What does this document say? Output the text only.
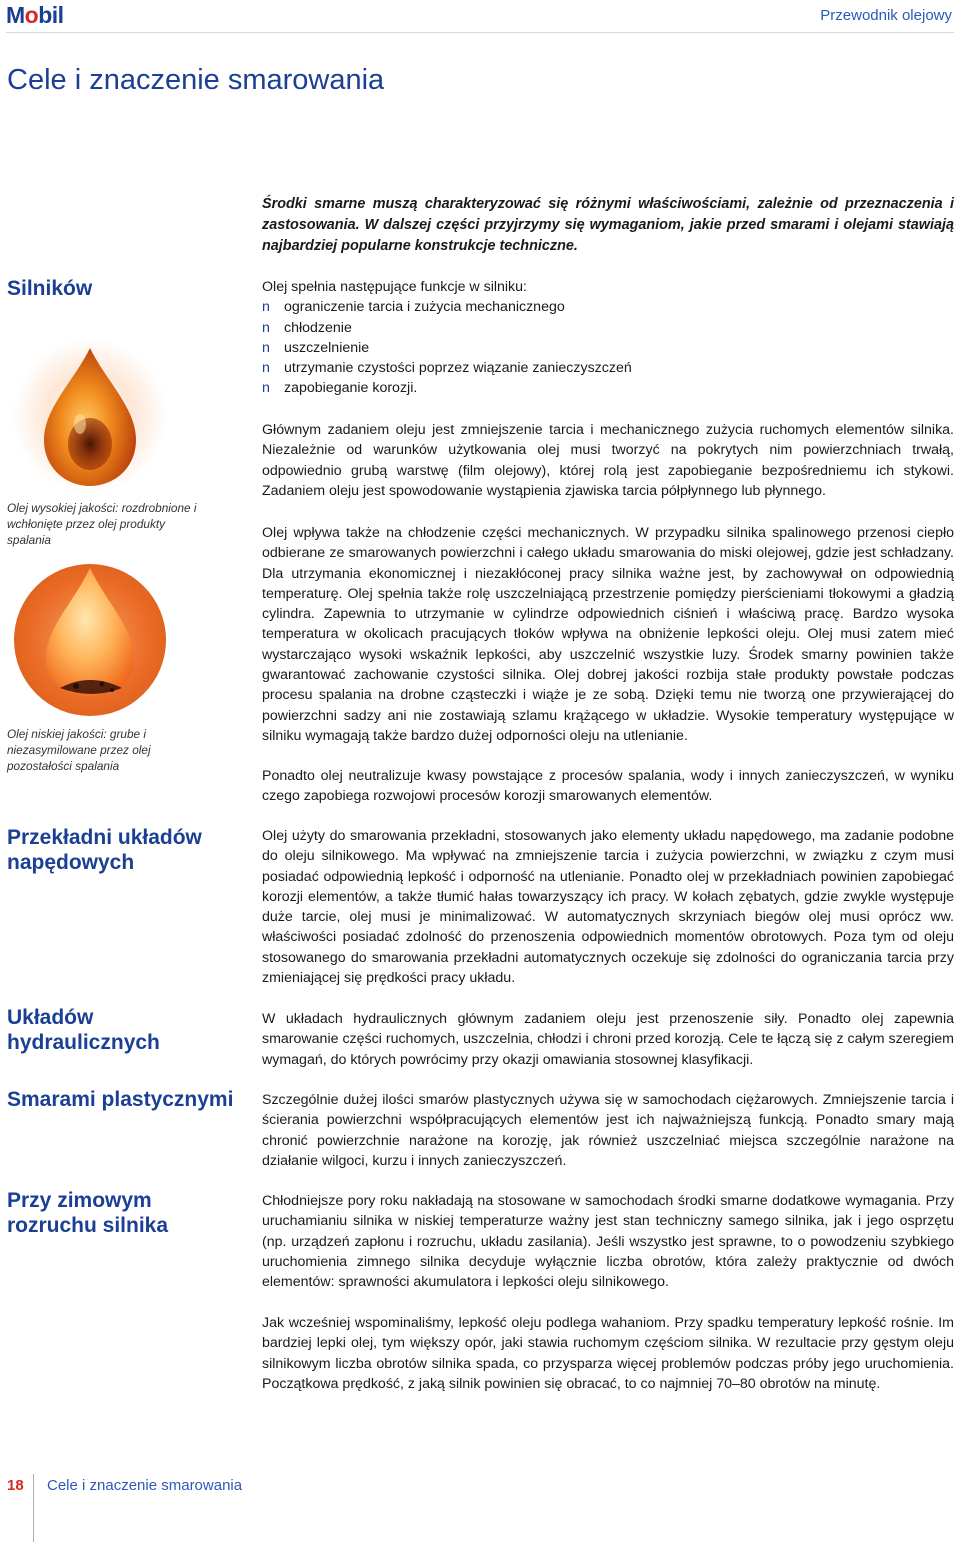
Mobil	Przewodnik olejowy
Cele i znaczenie smarowania

Środki smarne muszą charakteryzować się różnymi właściwościami, zależnie od przeznaczenia i zastosowania. W dalszej części przyjrzymy się wymaganiom, jakie przed smarami i olejami stawiają najbardziej popularne konstrukcje techniczne.

Silników
Przekładni układów napędowych
Układów hydraulicznych
Smarami plastycznymi
Przy zimowym rozruchu silnika
Olej wysokiej jakości: rozdrobnione i wchłonięte przez olej produkty spalania
Olej niskiej jakości: grube i niezasymilowane przez olej pozostałości spalania

Olej spełnia następujące funkcje w silniku:

n ograniczenie tarcia i zużycia mechanicznego
n chłodzenie
n uszczelnienie
n utrzymanie czystości poprzez wiązanie zanieczyszczeń
n zapobieganie korozji.

Głównym zadaniem oleju jest zmniejszenie tarcia i mechanicznego zużycia ruchomych elementów silnika. Niezależnie od warunków użytkowania olej musi tworzyć na pokrytych nim powierzchniach trwałą, odpowiednio grubą warstwę (film olejowy), której rolą jest zapobieganie bezpośredniemu ich stykowi. Zadaniem oleju jest spowodowanie wystąpienia zjawiska tarcia półpłynnego lub płynnego.

Olej wpływa także na chłodzenie części mechanicznych. W przypadku silnika spalinowego przenosi ciepło odbierane ze smarowanych powierzchni i całego układu smarowania do miski olejowej, gdzie jest schładzany. Dla utrzymania ekonomicznej i niezakłóconej pracy silnika ważne jest, by zachowywał on odpowiednią temperaturę. Olej spełnia także rolę uszczelniającą przestrzenie pomiędzy pierścieniami tłokowymi a gładzią cylindra. Zapewnia to utrzymanie w cylindrze odpowiednich ciśnień i właściwą pracę. Bardzo wysoka temperatura w okolicach pracujących tłoków wpływa na obniżenie lepkości oleju. Olej musi zatem mieć wystarczająco wysoki wskaźnik lepkości, aby uszczelnić wszystkie luzy. Środek smarny powinien także gwarantować zachowanie czystości silnika. Olej dobrej jakości rozbija stałe produkty powstałe podczas procesu spalania na drobne cząsteczki i wiąże je ze sobą. Dzięki temu nie tworzą one przywierającej do powierzchni sadzy ani nie zostawiają szlamu krążącego w układzie. Wysokie temperatury występujące w silniku wymagają także bardzo dużej odporności oleju na utlenianie.

Ponadto olej neutralizuje kwasy powstające z procesów spalania, wody i innych zanieczyszczeń, w wyniku czego zapobiega rozwojowi procesów korozji smarowanych elementów.

Olej użyty do smarowania przekładni, stosowanych jako elementy układu napędowego, ma zadanie podobne do oleju silnikowego. Ma wpływać na zmniejszenie tarcia i zużycia powierzchni, w związku z czym musi posiadać odpowiednią lepkość i odporność na utlenianie. Ponadto olej w przekładniach powinien zapobiegać korozji elementów, a także tłumić hałas towarzyszący ich pracy. W kołach zębatych, gdzie zwykle występuje duże tarcie, olej musi je minimalizować. W automatycznych skrzyniach biegów olej musi oprócz ww. właściwości posiadać zdolność do przenoszenia odpowiednich momentów obrotowych. Poza tym od oleju stosowanego do smarowania przekładni automatycznych oczekuje się zdolności do ograniczania tarcia przy zmieniającej się prędkości pracy układu.

W układach hydraulicznych głównym zadaniem oleju jest przenoszenie siły. Ponadto olej zapewnia smarowanie części ruchomych, uszczelnia, chłodzi i chroni przed korozją. Cele te łączą się z całym szeregiem wymagań, do których powrócimy przy okazji omawiania stosownej klasyfikacji.

Szczególnie dużej ilości smarów plastycznych używa się w samochodach ciężarowych. Zmniejszenie tarcia i ścierania powierzchni współpracujących elementów jest ich najważniejszą funkcją. Ponadto smary mają chronić powierzchnie narażone na korozję, jak również uszczelniać miejsca szczególnie narażone na działanie wilgoci, kurzu i innych zanieczyszczeń.

Chłodniejsze pory roku nakładają na stosowane w samochodach środki smarne dodatkowe wymagania. Przy uruchamianiu silnika w niskiej temperaturze ważny jest stan techniczny samego silnika, jak i jego osprzętu (np. urządzeń zapłonu i rozruchu, układu zasilania). Jeśli wszystko jest sprawne, to o powodzeniu szybkiego uruchomienia zimnego silnika decyduje wyłącznie liczba obrotów, która zależy praktycznie od dwóch elementów: sprawności akumulatora i lepkości oleju silnikowego.

Jak wcześniej wspominaliśmy, lepkość oleju podlega wahaniom. Przy spadku temperatury lepkość rośnie. Im bardziej lepki olej, tym większy opór, jaki stawia ruchomym częściom silnika. W rezultacie przy gęstym oleju silnikowym liczba obrotów silnika spada, co przysparza więcej problemów podczas próby jego uruchomienia. Początkowa prędkość, z jaką silnik powinien się obracać, to co najmniej 70–80 obrotów na minutę.

18 Cele i znaczenie smarowania
